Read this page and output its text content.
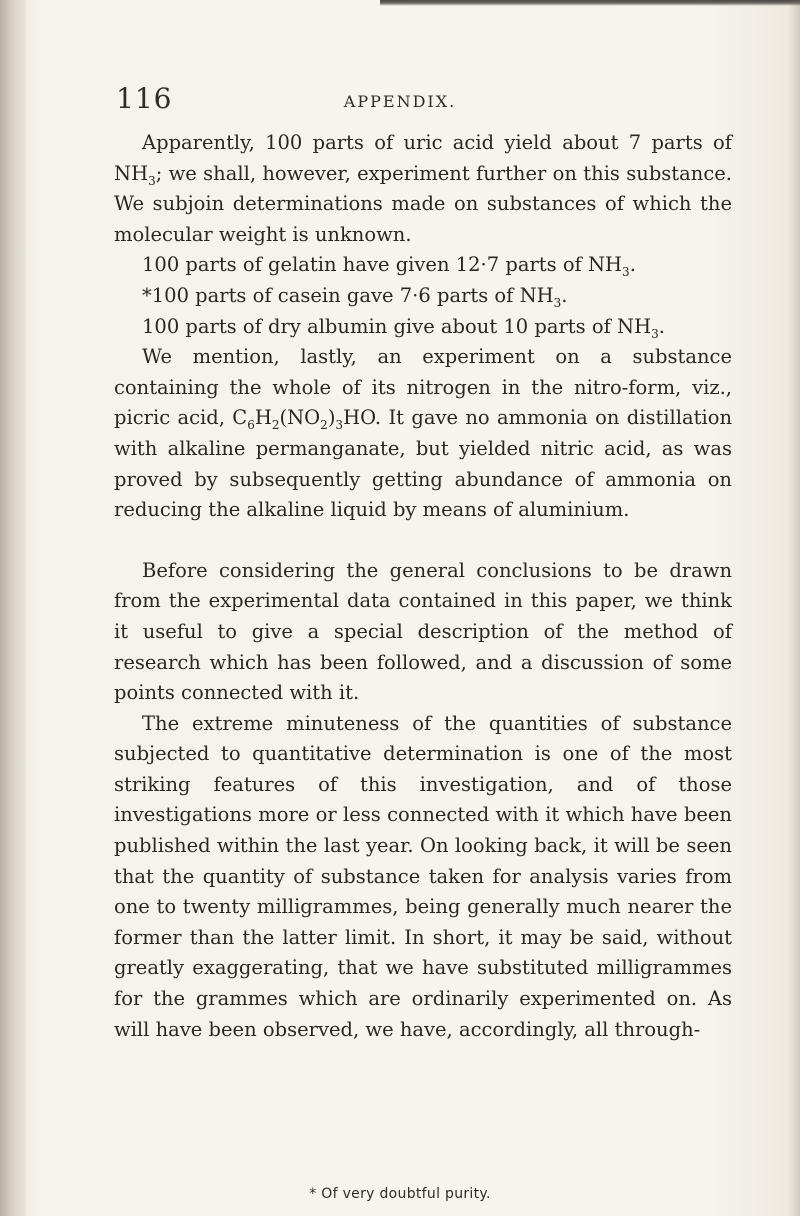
116	APPENDIX.

Apparently, 100 parts of uric acid yield about 7 parts of $NH_3$; we shall, however, experiment further on this substance. We subjoin determinations made on substances of which the molecular weight is unknown.

100 parts of gelatin have given 12·7 parts of $NH_3$.

*100 parts of casein gave 7·6 parts of $NH_3$.

100 parts of dry albumin give about 10 parts of $NH_3$.

We mention, lastly, an experiment on a substance containing the whole of its nitrogen in the nitro-form, viz., picric acid, $C_6H_2(NO_2)_3HO$. It gave no ammonia on distillation with alkaline permanganate, but yielded nitric acid, as was proved by subsequently getting abundance of ammonia on reducing the alkaline liquid by means of aluminium.

Before considering the general conclusions to be drawn from the experimental data contained in this paper, we think it useful to give a special description of the method of research which has been followed, and a discussion of some points connected with it.

The extreme minuteness of the quantities of substance subjected to quantitative determination is one of the most striking features of this investigation, and of those investigations more or less connected with it which have been published within the last year. On looking back, it will be seen that the quantity of substance taken for analysis varies from one to twenty milligrammes, being generally much nearer the former than the latter limit. In short, it may be said, without greatly exaggerating, that we have substituted milligrammes for the grammes which are ordinarily experimented on. As will have been observed, we have, accordingly, all through-

* Of very doubtful purity.
